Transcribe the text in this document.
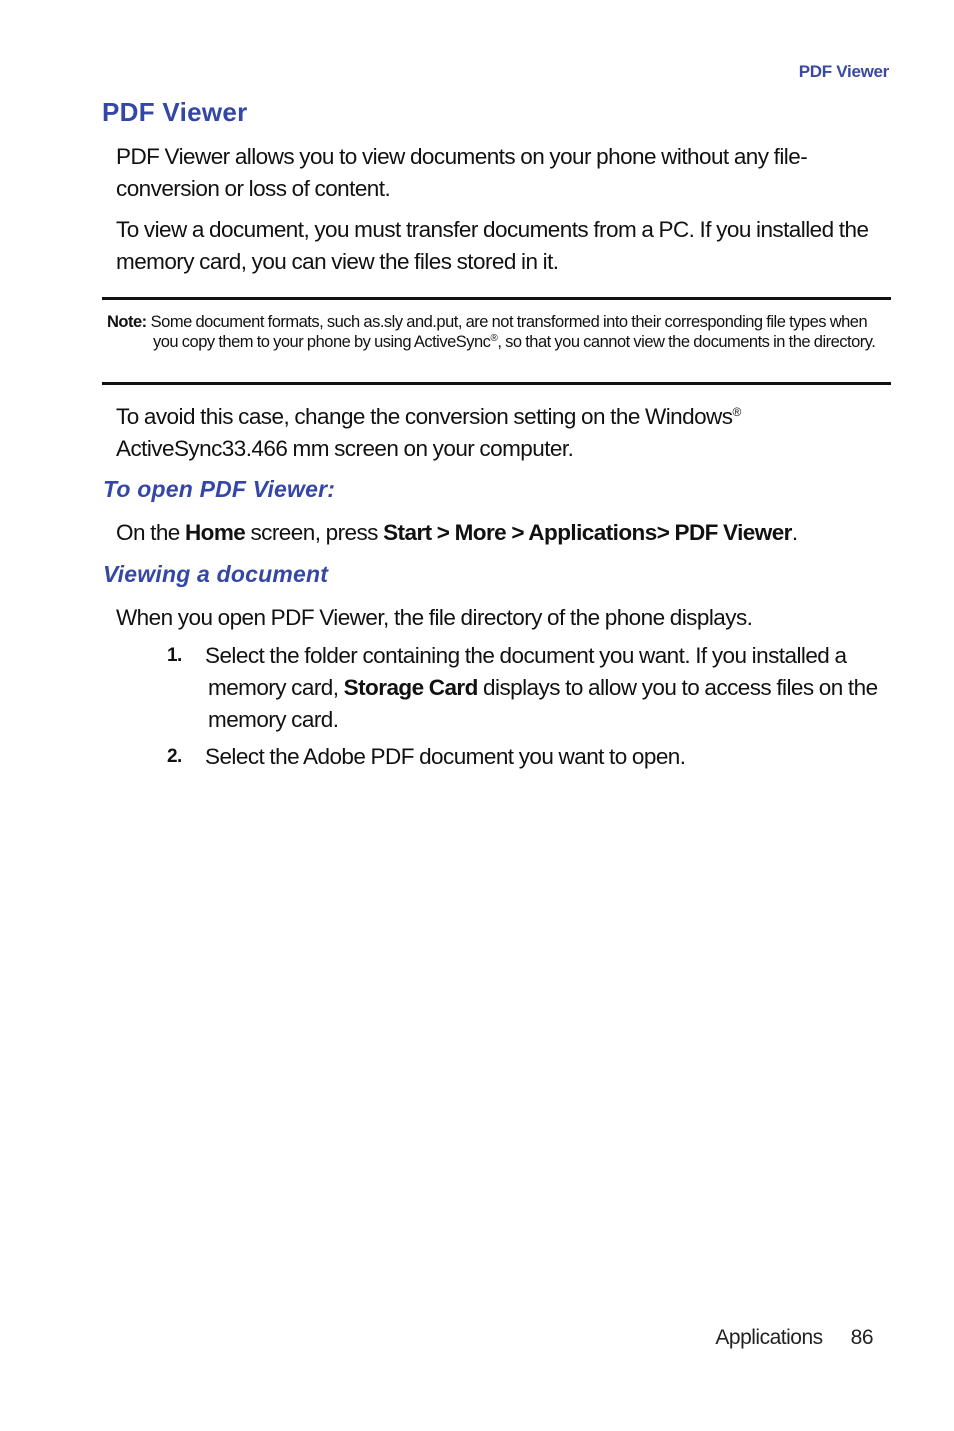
PDF Viewer
PDF Viewer
PDF Viewer allows you to view documents on your phone without any file-conversion or loss of content.
To view a document, you must transfer documents from a PC. If you installed the memory card, you can view the files stored in it.
Note: Some document formats, such as.sly and.put, are not transformed into their corresponding file types when you copy them to your phone by using ActiveSync®, so that you cannot view the documents in the directory.
To avoid this case, change the conversion setting on the Windows®
ActiveSync33.466 mm screen on your computer.
To open PDF Viewer:
On the Home screen, press Start > More > Applications> PDF Viewer.
Viewing a document
When you open PDF Viewer, the file directory of the phone displays.
1.	Select the folder containing the document you want. If you installed a
memory card, Storage Card displays to allow you to access files on the memory card.
2.	Select the Adobe PDF document you want to open.
Applications 86
